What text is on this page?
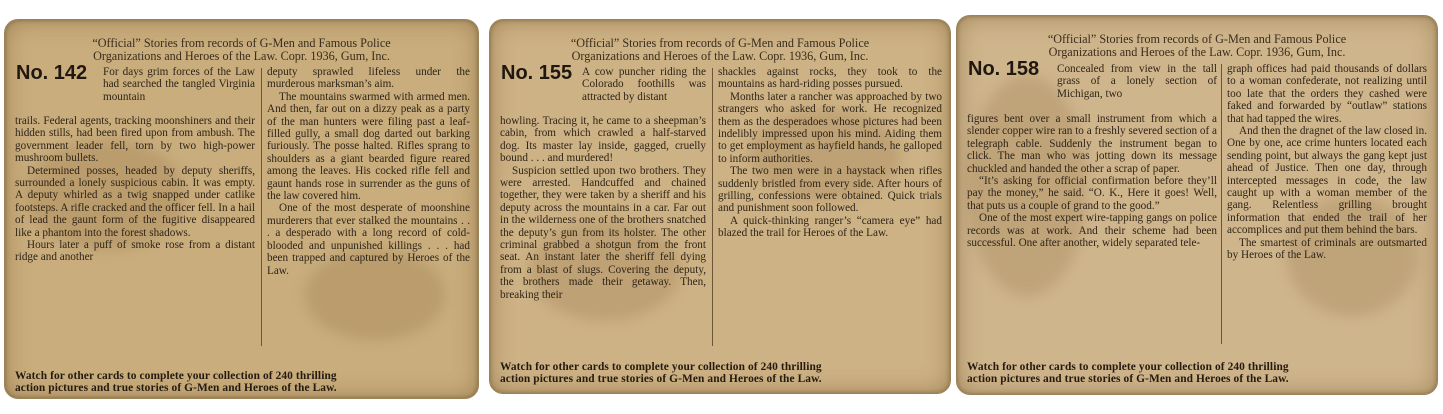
“Official” Stories from records of G-Men and Famous Police
Organizations and Heroes of the Law. Copr. 1936, Gum, Inc.
No. 142 For days grim forces of the Law had searched the tangled Virginia mountain

trails. Federal agents, tracking moonshiners and their hidden stills, had been fired upon from ambush. The government leader fell, torn by two high-power mushroom bullets.

Determined posses, headed by deputy sheriffs, surrounded a lonely suspicious cabin. It was empty. A deputy whirled as a twig snapped under catlike footsteps. A rifle cracked and the officer fell. In a hail of lead the gaunt form of the fugitive disappeared like a phantom into the forest shadows.

Hours later a puff of smoke rose from a distant ridge and another

deputy sprawled lifeless under the murderous marksman’s aim.

The mountains swarmed with armed men. And then, far out on a dizzy peak as a party of the man hunters were filing past a leaf-filled gully, a small dog darted out barking furiously. The posse halted. Rifles sprang to shoulders as a giant bearded figure reared among the leaves. His cocked rifle fell and gaunt hands rose in surrender as the guns of the law covered him.

One of the most desperate of moonshine murderers that ever stalked the mountains . . . a desperado with a long record of cold-blooded and unpunished killings . . . had been trapped and captured by Heroes of the Law.

Watch for other cards to complete your collection of 240 thrilling
action pictures and true stories of G-Men and Heroes of the Law.
“Official” Stories from records of G-Men and Famous Police
Organizations and Heroes of the Law. Copr. 1936, Gum, Inc.
No. 155 A cow puncher riding the Colorado foothills was attracted by distant

howling. Tracing it, he came to a sheepman’s cabin, from which crawled a half-starved dog. Its master lay inside, gagged, cruelly bound . . . and murdered!

Suspicion settled upon two brothers. They were arrested. Handcuffed and chained together, they were taken by a sheriff and his deputy across the mountains in a car. Far out in the wilderness one of the brothers snatched the deputy’s gun from its holster. The other criminal grabbed a shotgun from the front seat. An instant later the sheriff fell dying from a blast of slugs. Covering the deputy, the brothers made their getaway. Then, breaking their

shackles against rocks, they took to the mountains as hard-riding posses pursued.

Months later a rancher was approached by two strangers who asked for work. He recognized them as the desperadoes whose pictures had been indelibly impressed upon his mind. Aiding them to get employment as hayfield hands, he galloped to inform authorities.

The two men were in a haystack when rifles suddenly bristled from every side. After hours of grilling, confessions were obtained. Quick trials and punishment soon followed.

A quick-thinking ranger’s “camera eye” had blazed the trail for Heroes of the Law.

Watch for other cards to complete your collection of 240 thrilling
action pictures and true stories of G-Men and Heroes of the Law.
“Official” Stories from records of G-Men and Famous Police
Organizations and Heroes of the Law. Copr. 1936, Gum, Inc.
No. 158 Concealed from view in the tall grass of a lonely section of Michigan, two

figures bent over a small instrument from which a slender copper wire ran to a freshly severed section of a telegraph cable. Suddenly the instrument began to click. The man who was jotting down its message chuckled and handed the other a scrap of paper.

“It’s asking for official confirmation before they’ll pay the money,” he said. “O. K., Here it goes! Well, that puts us a couple of grand to the good.”

One of the most expert wire-tapping gangs on police records was at work. And their scheme had been successful. One after another, widely separated tele-

graph offices had paid thousands of dollars to a woman confederate, not realizing until too late that the orders they cashed were faked and forwarded by “outlaw” stations that had tapped the wires.

And then the dragnet of the law closed in. One by one, ace crime hunters located each sending point, but always the gang kept just ahead of Justice. Then one day, through intercepted messages in code, the law caught up with a woman member of the gang. Relentless grilling brought information that ended the trail of her accomplices and put them behind the bars.

The smartest of criminals are outsmarted by Heroes of the Law.

Watch for other cards to complete your collection of 240 thrilling
action pictures and true stories of G-Men and Heroes of the Law.
